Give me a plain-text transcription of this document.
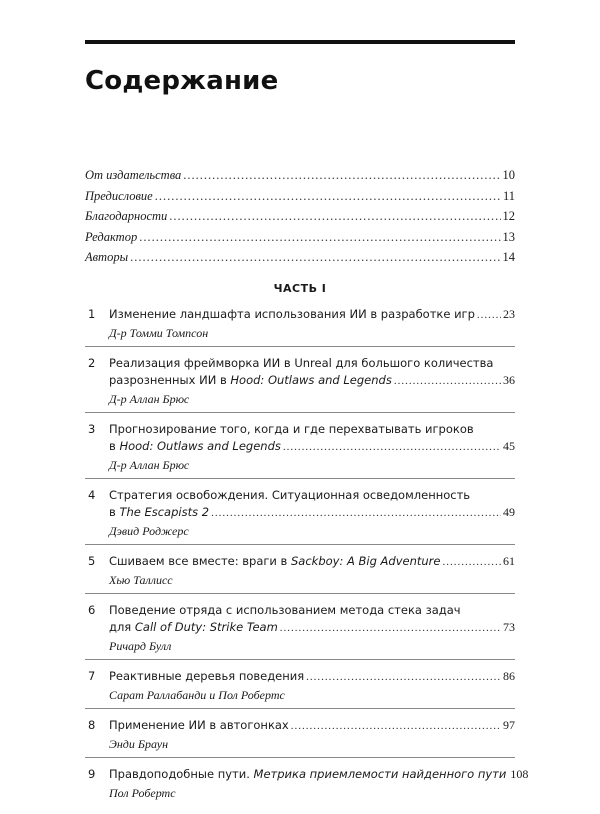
Содержание
От издательства .....	10
Предисловие .....	11
Благодарности .....	12
Редактор .....	13
Авторы .....	14
ЧАСТЬ I
1 Изменение ландшафта использования ИИ в разработке игр ..... 23
Д-р Томми Томпсон
2 Реализация фреймворка ИИ в Unreal для большого количества
разрозненных ИИ в Hood: Outlaws and Legends .....	36
Д-р Аллан Брюс
3 Прогнозирование того, когда и где перехватывать игроков
в Hood: Outlaws and Legends .....	45
Д-р Аллан Брюс
4 Стратегия освобождения. Ситуационная осведомленность
в The Escapists 2 .....	49
Дэвид Роджерс
5 Сшиваем все вместе: враги в Sackboy: A Big Adventure .....	61
Хью Таллисс
6 Поведение отряда с использованием метода стека задач
для Call of Duty: Strike Team .....	73
Ричард Булл
7 Реактивные деревья поведения .....	86
Сарат Раллабанди и Пол Робертс
8 Применение ИИ в автогонках .....	97
Энди Браун
9 Правдоподобные пути. Метрика приемлемости найденного пути 108
Пол Робертс
